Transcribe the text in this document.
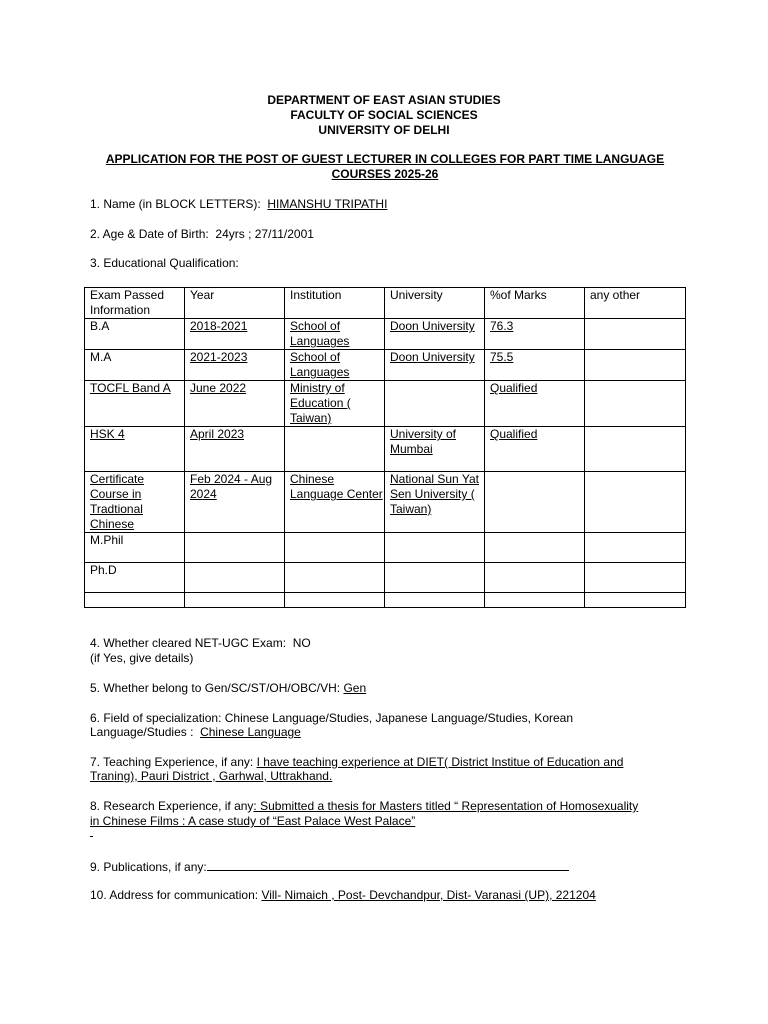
DEPARTMENT OF EAST ASIAN STUDIES
FACULTY OF SOCIAL SCIENCES
UNIVERSITY OF DELHI
APPLICATION FOR THE POST OF GUEST LECTURER IN COLLEGES FOR PART TIME LANGUAGE
COURSES 2025-26
1. Name (in BLOCK LETTERS): HIMANSHU TRIPATHI
2. Age & Date of Birth: 24yrs ; 27/11/2001
3. Educational Qualification:
Exam Passed Information	Year	Institution	University	%of Marks	any other
B.A	2018-2021	School of Languages	Doon University	76.3	
M.A	2021-2023	School of Languages	Doon University	75.5	
TOCFL Band A	June 2022	Ministry of Education ( Taiwan)		Qualified	
HSK 4	April 2023		University of Mumbai	Qualified	
Certificate Course in Tradtional Chinese	Feb 2024 - Aug 2024	Chinese Language Center	National Sun Yat Sen University ( Taiwan)		
M.Phil					
Ph.D					

4. Whether cleared NET-UGC Exam: NO
(if Yes, give details)
5. Whether belong to Gen/SC/ST/OH/OBC/VH: Gen
6. Field of specialization: Chinese Language/Studies, Japanese Language/Studies, Korean
Language/Studies : Chinese Language
7. Teaching Experience, if any: I have teaching experience at DIET( District Institue of Education and
Traning), Pauri District , Garhwal, Uttrakhand.
8. Research Experience, if any: Submitted a thesis for Masters titled “ Representation of Homosexuality
in Chinese Films : A case study of “East Palace West Palace”
9. Publications, if any:
10. Address for communication: Vill- Nimaich , Post- Devchandpur, Dist- Varanasi (UP), 221204
